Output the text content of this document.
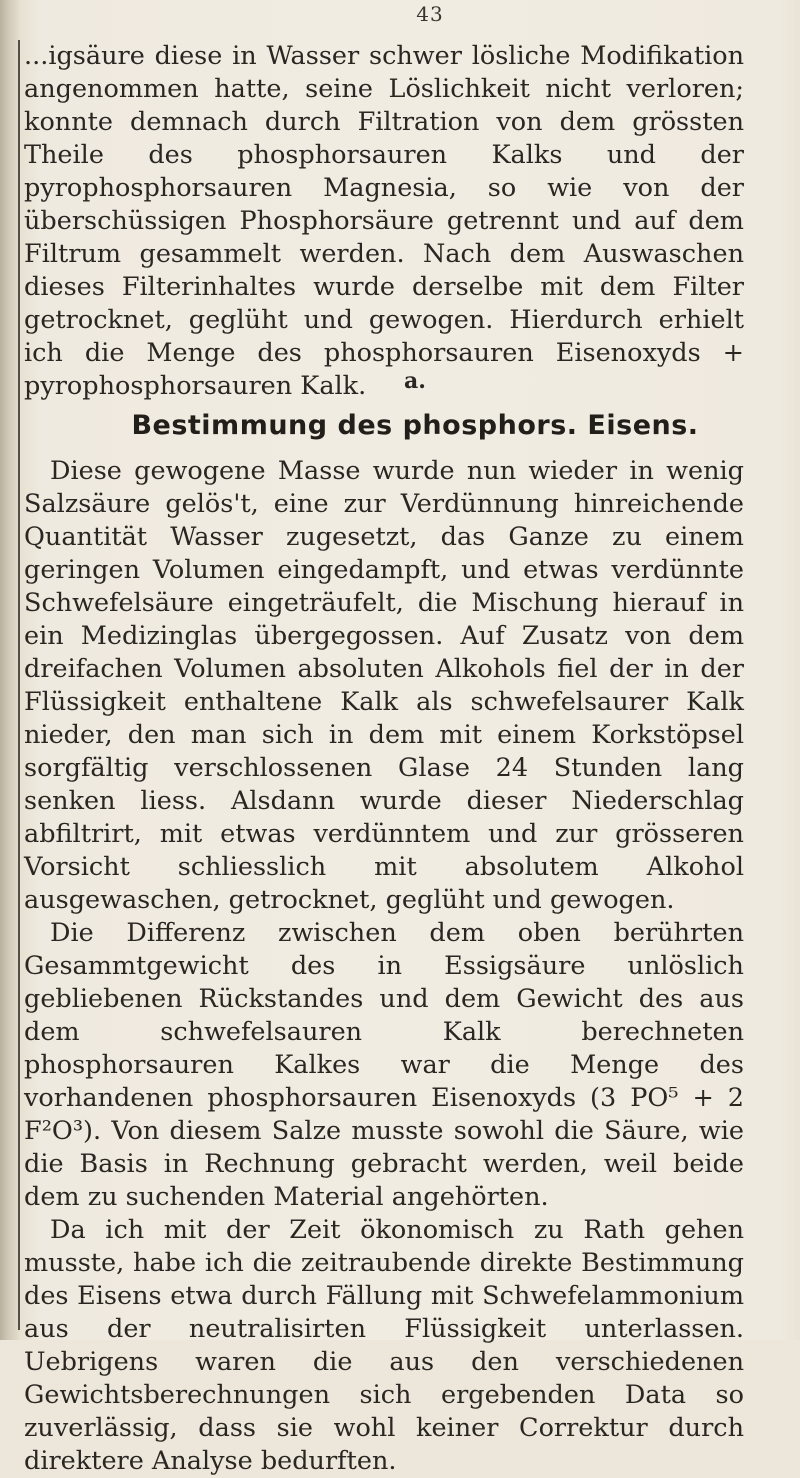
43

...igsäure diese in Wasser schwer lösliche Modifikation angenommen hatte, seine Löslichkeit nicht verloren; konnte demnach durch Filtration von dem grössten Theile des phosphorsauren Kalks und der pyrophosphorsauren Magnesia, so wie von der überschüssigen Phosphorsäure getrennt und auf dem Filtrum gesammelt werden. Nach dem Auswaschen dieses Filterinhaltes wurde derselbe mit dem Filter getrocknet, geglüht und gewogen. Hierdurch erhielt ich die Menge des phosphorsauren Eisenoxyds + pyrophosphorsauren Kalk.	a.
Bestimmung des phosphors. Eisens.

Diese gewogene Masse wurde nun wieder in wenig Salzsäure gelös't, eine zur Verdünnung hinreichende Quantität Wasser zugesetzt, das Ganze zu einem geringen Volumen eingedampft, und etwas verdünnte Schwefelsäure eingeträufelt, die Mischung hierauf in ein Medizinglas übergegossen. Auf Zusatz von dem dreifachen Volumen absoluten Alkohols fiel der in der Flüssigkeit enthaltene Kalk als schwefelsaurer Kalk nieder, den man sich in dem mit einem Korkstöpsel sorgfältig verschlossenen Glase 24 Stunden lang senken liess. Alsdann wurde dieser Niederschlag abfiltrirt, mit etwas verdünntem und zur grösseren Vorsicht schliesslich mit absolutem Alkohol ausgewaschen, getrocknet, geglüht und gewogen.

Die Differenz zwischen dem oben berührten Gesammtgewicht des in Essigsäure unlöslich gebliebenen Rückstandes und dem Gewicht des aus dem schwefelsauren Kalk berechneten phosphorsauren Kalkes war die Menge des vorhandenen phosphorsauren Eisenoxyds (3 PO⁵ + 2 F²O³). Von diesem Salze musste sowohl die Säure, wie die Basis in Rechnung gebracht werden, weil beide dem zu suchenden Material angehörten.

Da ich mit der Zeit ökonomisch zu Rath gehen musste, habe ich die zeitraubende direkte Bestimmung des Eisens etwa durch Fällung mit Schwefelammonium aus der neutralisirten Flüssigkeit unterlassen. Uebrigens waren die aus den verschiedenen Gewichtsberechnungen sich ergebenden Data so zuverlässig, dass sie wohl keiner Correktur durch direktere Analyse bedurften.
